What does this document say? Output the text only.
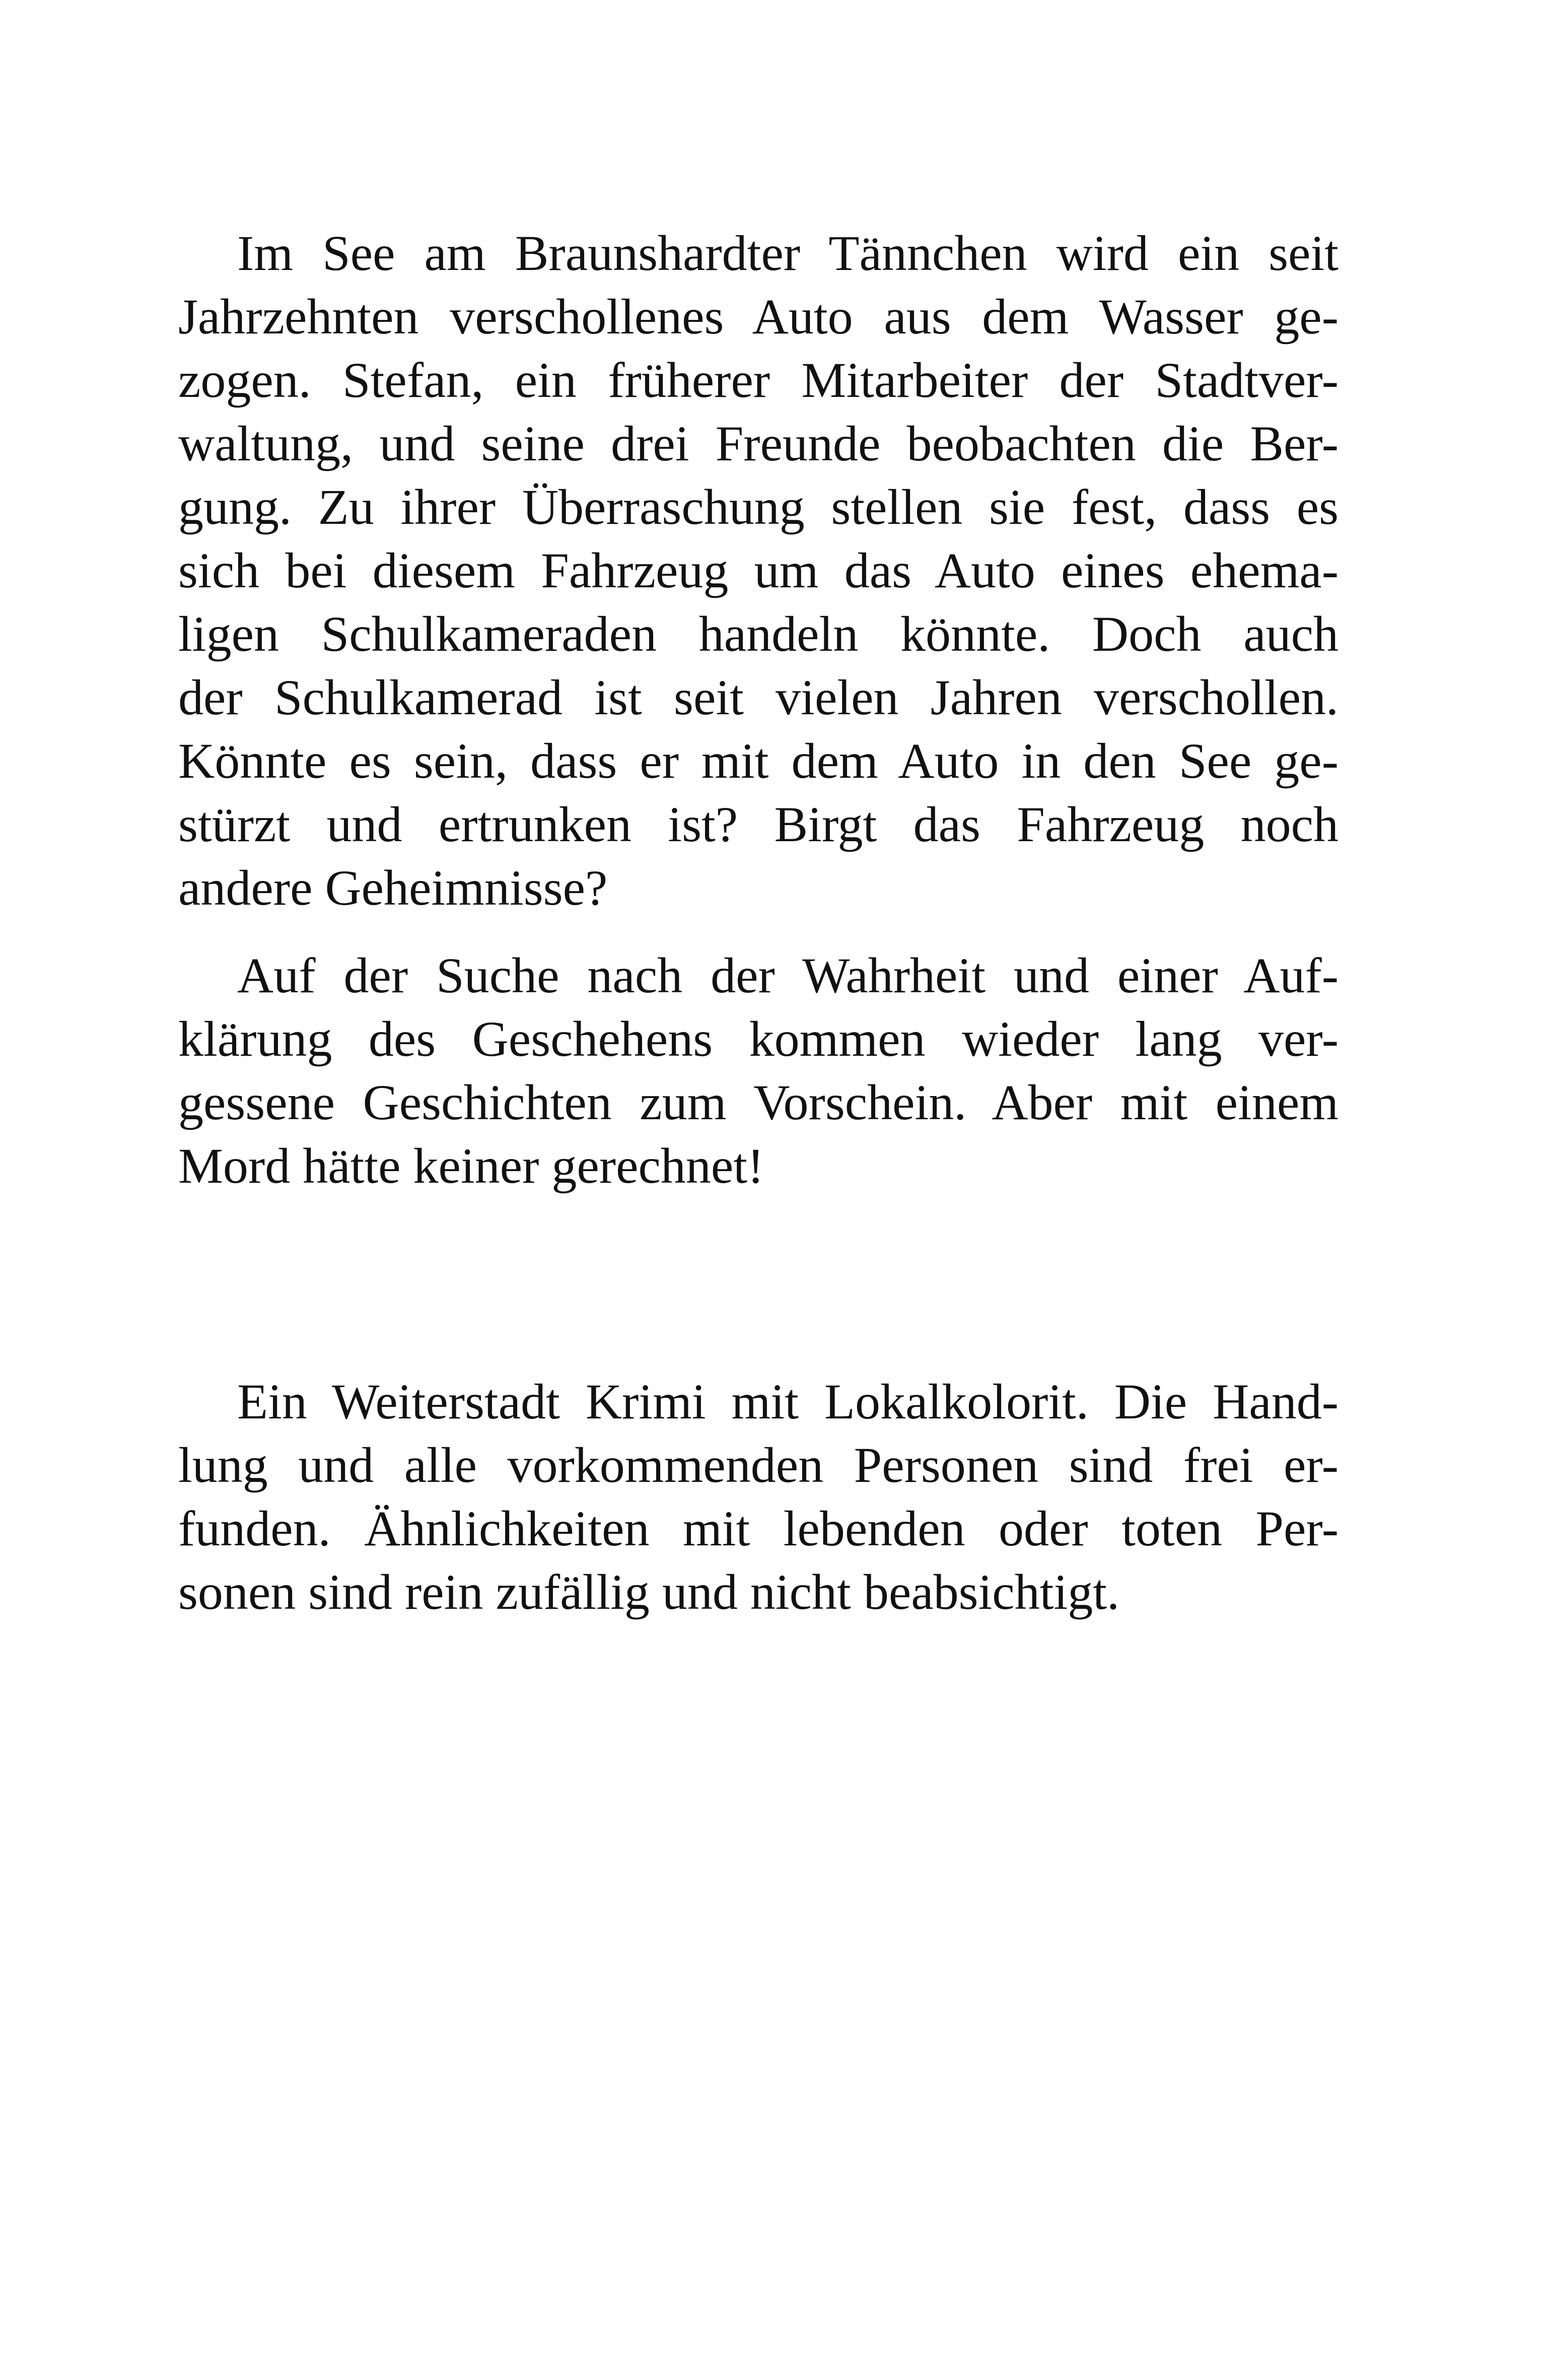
Im See am Braunshardter Tännchen wird ein seit
Jahrzehnten verschollenes Auto aus dem Wasser ge-
zogen. Stefan, ein früherer Mitarbeiter der Stadtver-
waltung, und seine drei Freunde beobachten die Ber-
gung. Zu ihrer Überraschung stellen sie fest, dass es
sich bei diesem Fahrzeug um das Auto eines ehema-
ligen Schulkameraden handeln könnte. Doch auch
der Schulkamerad ist seit vielen Jahren verschollen.
Könnte es sein, dass er mit dem Auto in den See ge-
stürzt und ertrunken ist? Birgt das Fahrzeug noch
andere Geheimnisse?

Auf der Suche nach der Wahrheit und einer Auf-
klärung des Geschehens kommen wieder lang ver-
gessene Geschichten zum Vorschein. Aber mit einem
Mord hätte keiner gerechnet!

Ein Weiterstadt Krimi mit Lokalkolorit. Die Hand-
lung und alle vorkommenden Personen sind frei er-
funden. Ähnlichkeiten mit lebenden oder toten Per-
sonen sind rein zufällig und nicht beabsichtigt.
